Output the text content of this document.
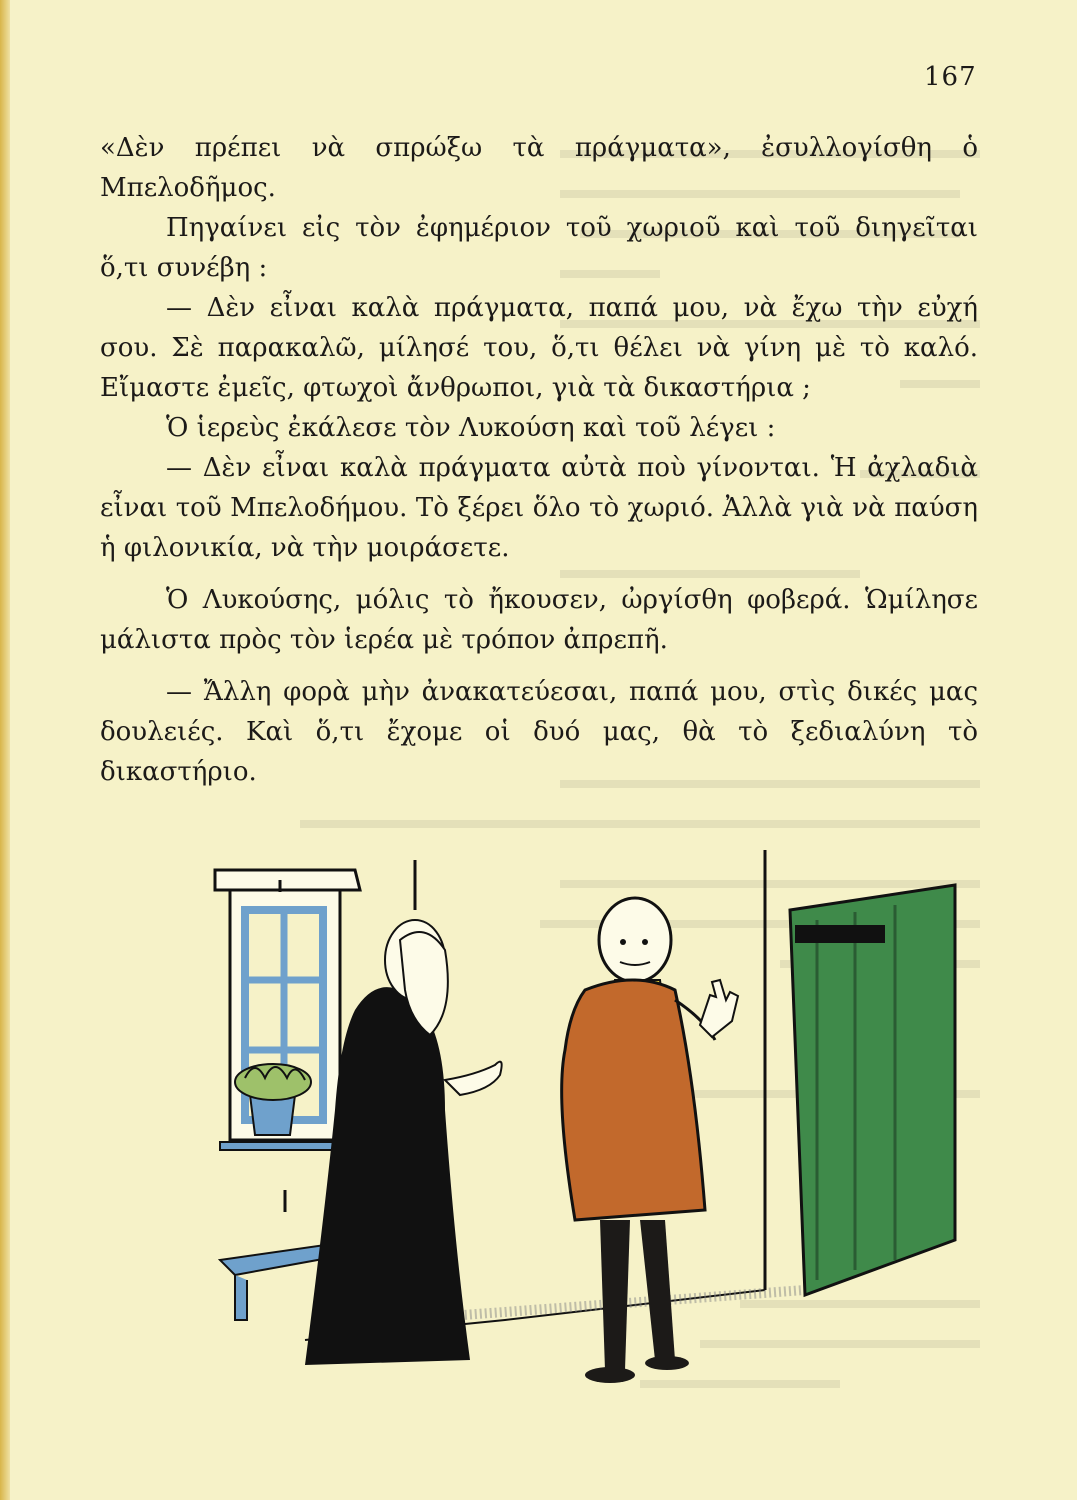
167

«Δὲν πρέπει νὰ σπρώξω τὰ πράγματα», ἐσυλλογίσθη ὁ Μπελοδῆμος.

Πηγαίνει εἰς τὸν ἐφημέριον τοῦ χωριοῦ καὶ τοῦ διηγεῖται ὅ,τι συνέβη :

— Δὲν εἶναι καλὰ πράγματα, παπά μου, νὰ ἔχω τὴν εὐχή σου. Σὲ παρακαλῶ, μίλησέ του, ὅ,τι θέλει νὰ γίνη μὲ τὸ καλό. Εἴμαστε ἐμεῖς, φτωχοὶ ἄνθρωποι, γιὰ τὰ δικαστήρια ;

Ὁ ἱερεὺς ἐκάλεσε τὸν Λυκούση καὶ τοῦ λέγει :

— Δὲν εἶναι καλὰ πράγματα αὐτὰ ποὺ γίνονται. Ἡ ἀχλαδιὰ εἶναι τοῦ Μπελοδήμου. Τὸ ξέρει ὅλο τὸ χωριό. Ἀλλὰ γιὰ νὰ παύση ἡ φιλονικία, νὰ τὴν μοιράσετε.

Ὁ Λυκούσης, μόλις τὸ ἤκουσεν, ὠργίσθη φοβερά. Ὡμίλησε μάλιστα πρὸς τὸν ἱερέα μὲ τρόπον ἀπρεπῆ.

— Ἄλλη φορὰ μὴν ἀνακατεύεσαι, παπά μου, στὶς δικές μας δουλειές. Καὶ ὅ,τι ἔχομε οἱ δυό μας, θὰ τὸ ξεδιαλύνη τὸ δικαστήριο.
